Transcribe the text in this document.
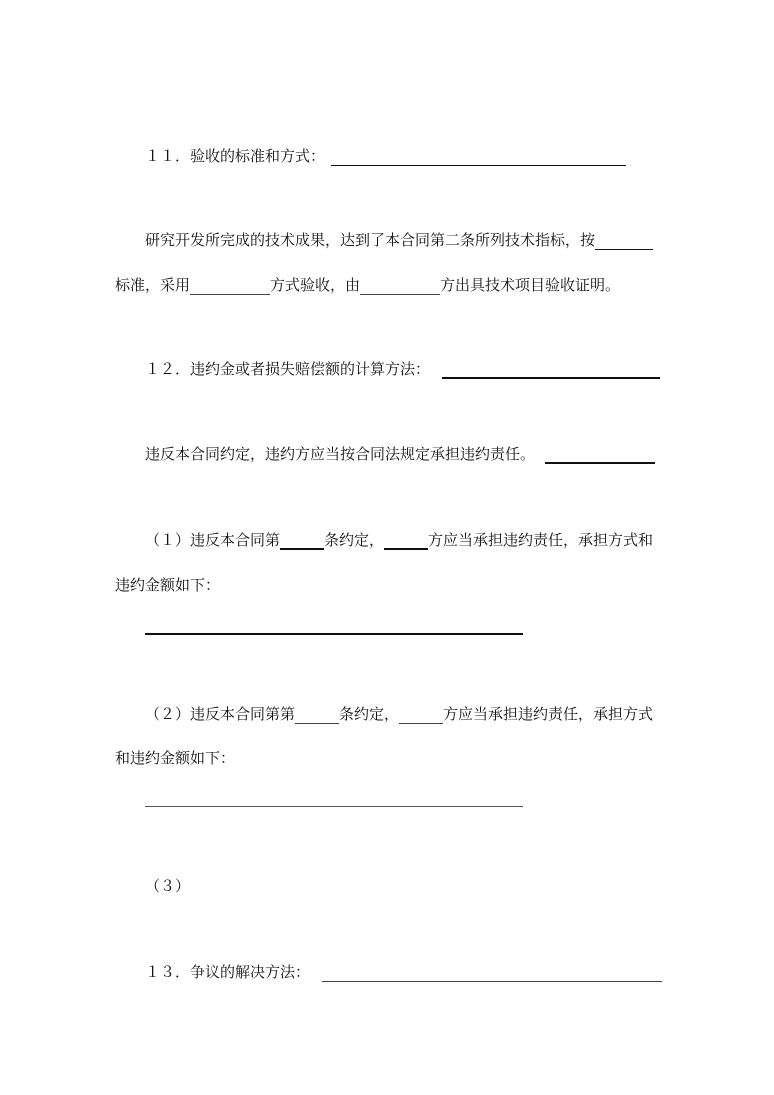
１１．验收的标准和方式：
研究开发所完成的技术成果，达到了本合同第二条所列技术指标，按
标准，采用	方式验收，由	方出具技术项目验收证明。
１２．违约金或者损失赔偿额的计算方法：
违反本合同约定，违约方应当按合同法规定承担违约责任。
（１）违反本合同第	条约定，	方应当承担违约责任，承担方式和
违约金额如下：
（２）违反本合同第第	条约定，	方应当承担违约责任，承担方式
和违约金额如下：
（３）
１３．争议的解决方法：
